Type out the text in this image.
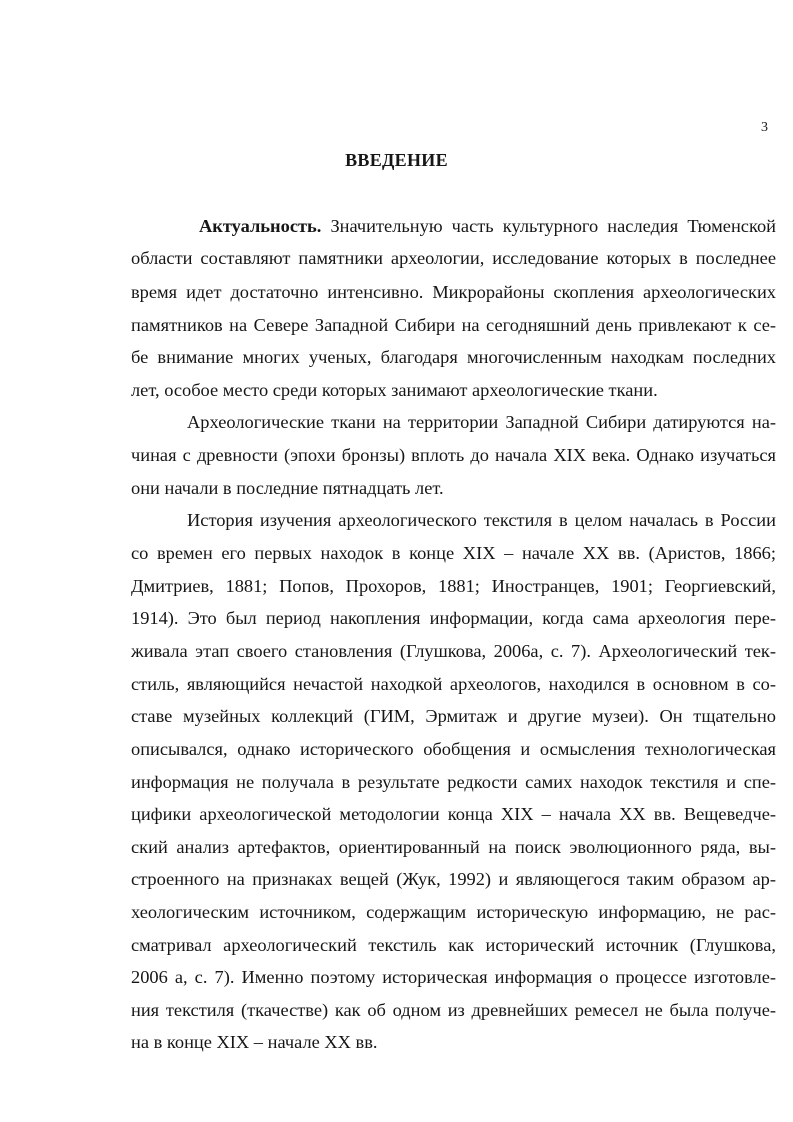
3
ВВЕДЕНИЕ
Актуальность. Значительную часть культурного наследия Тюменской
области составляют памятники археологии, исследование которых в последнее
время идет достаточно интенсивно. Микрорайоны скопления археологических
памятников на Севере Западной Сибири на сегодняшний день привлекают к се-
бе внимание многих ученых, благодаря многочисленным находкам последних
лет, особое место среди которых занимают археологические ткани.
Археологические ткани на территории Западной Сибири датируются на-
чиная с древности (эпохи бронзы) вплоть до начала XIX века. Однако изучаться
они начали в последние пятнадцать лет.
История изучения археологического текстиля в целом началась в России
со времен его первых находок в конце XIX – начале XX вв. (Аристов, 1866;
Дмитриев, 1881; Попов, Прохоров, 1881; Иностранцев, 1901; Георгиевский,
1914). Это был период накопления информации, когда сама археология пере-
живала этап своего становления (Глушкова, 2006а, с. 7). Археологический тек-
стиль, являющийся нечастой находкой археологов, находился в основном в со-
ставе музейных коллекций (ГИМ, Эрмитаж и другие музеи). Он тщательно
описывался, однако исторического обобщения и осмысления технологическая
информация не получала в результате редкости самих находок текстиля и спе-
цифики археологической методологии конца XIX – начала XX вв. Вещеведче-
ский анализ артефактов, ориентированный на поиск эволюционного ряда, вы-
строенного на признаках вещей (Жук, 1992) и являющегося таким образом ар-
хеологическим источником, содержащим историческую информацию, не рас-
сматривал археологический текстиль как исторический источник (Глушкова,
2006 а, с. 7). Именно поэтому историческая информация о процессе изготовле-
ния текстиля (ткачестве) как об одном из древнейших ремесел не была получе-
на в конце XIX – начале XX вв.
